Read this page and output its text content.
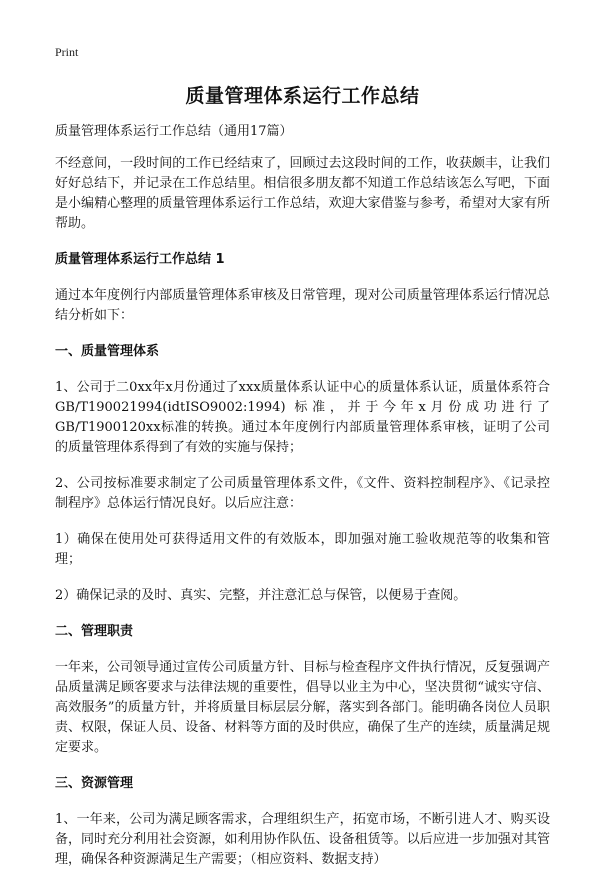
Print
质量管理体系运行工作总结

质量管理体系运行工作总结（通用17篇）

不经意间，一段时间的工作已经结束了，回顾过去这段时间的工作，收获颇丰，让我们好好总结下，并记录在工作总结里。相信很多朋友都不知道工作总结该怎么写吧，下面是小编精心整理的质量管理体系运行工作总结，欢迎大家借鉴与参考，希望对大家有所帮助。

质量管理体系运行工作总结 1

通过本年度例行内部质量管理体系审核及日常管理，现对公司质量管理体系运行情况总结分析如下：

一、质量管理体系

1、公司于二0xx年x月份通过了xxx质量体系认证中心的质量体系认证，质量体系符合GB/T190021994(idtISO9002:1994) 标准，并于今年x月份成功进行了GB/T1900120xx标准的转换。通过本年度例行内部质量管理体系审核，证明了公司的质量管理体系得到了有效的实施与保持；

2、公司按标准要求制定了公司质量管理体系文件，《文件、资料控制程序》、《记录控制程序》总体运行情况良好。以后应注意：

1）确保在使用处可获得适用文件的有效版本，即加强对施工验收规范等的收集和管理；

2）确保记录的及时、真实、完整，并注意汇总与保管，以便易于查阅。

二、管理职责

一年来，公司领导通过宣传公司质量方针、目标与检查程序文件执行情况，反复强调产品质量满足顾客要求与法律法规的重要性，倡导以业主为中心，坚决贯彻“诚实守信、高效服务”的质量方针，并将质量目标层层分解，落实到各部门。能明确各岗位人员职责、权限，保证人员、设备、材料等方面的及时供应，确保了生产的连续，质量满足规定要求。

三、资源管理

1、一年来，公司为满足顾客需求，合理组织生产，拓宽市场，不断引进人才、购买设备，同时充分利用社会资源，如利用协作队伍、设备租赁等。以后应进一步加强对其管理，确保各种资源满足生产需要；（相应资料、数据支持）
